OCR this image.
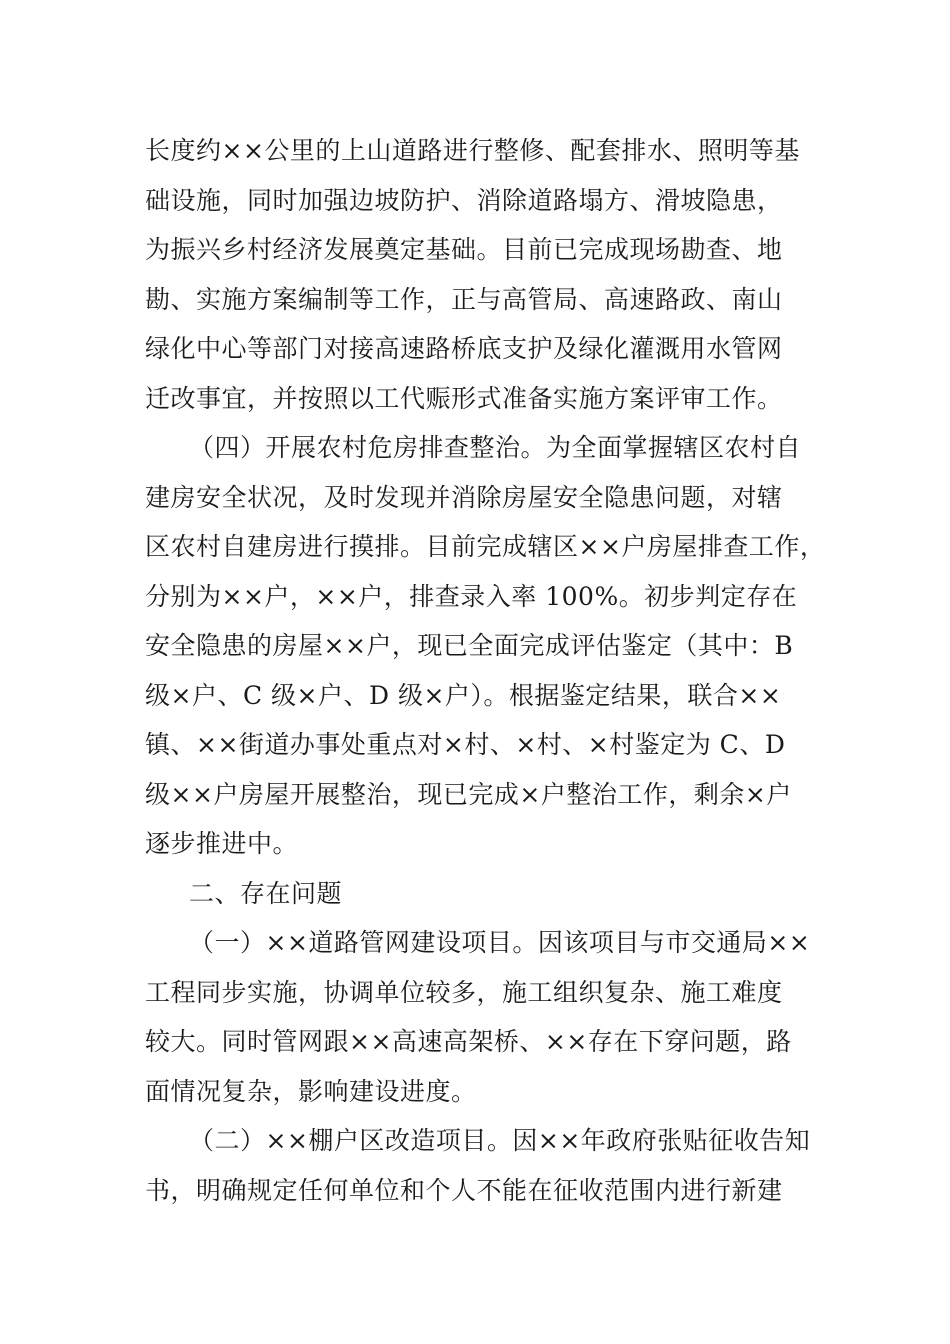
长度约××公里的上山道路进行整修、配套排水、照明等基
础设施，同时加强边坡防护、消除道路塌方、滑坡隐患，
为振兴乡村经济发展奠定基础。目前已完成现场勘查、地
勘、实施方案编制等工作，正与高管局、高速路政、南山
绿化中心等部门对接高速路桥底支护及绿化灌溉用水管网
迁改事宜，并按照以工代赈形式准备实施方案评审工作。
（四）开展农村危房排查整治。为全面掌握辖区农村自
建房安全状况，及时发现并消除房屋安全隐患问题，对辖
区农村自建房进行摸排。目前完成辖区××户房屋排查工作，
分别为××户，××户，排查录入率 100%。初步判定存在
安全隐患的房屋××户，现已全面完成评估鉴定（其中：B
级×户、C 级×户、D 级×户）。根据鉴定结果，联合××
镇、××街道办事处重点对×村、×村、×村鉴定为 C、D
级××户房屋开展整治，现已完成×户整治工作，剩余×户
逐步推进中。
二、存在问题
（一）××道路管网建设项目。因该项目与市交通局××
工程同步实施，协调单位较多，施工组织复杂、施工难度
较大。同时管网跟××高速高架桥、××存在下穿问题，路
面情况复杂，影响建设进度。
（二）××棚户区改造项目。因××年政府张贴征收告知
书，明确规定任何单位和个人不能在征收范围内进行新建
